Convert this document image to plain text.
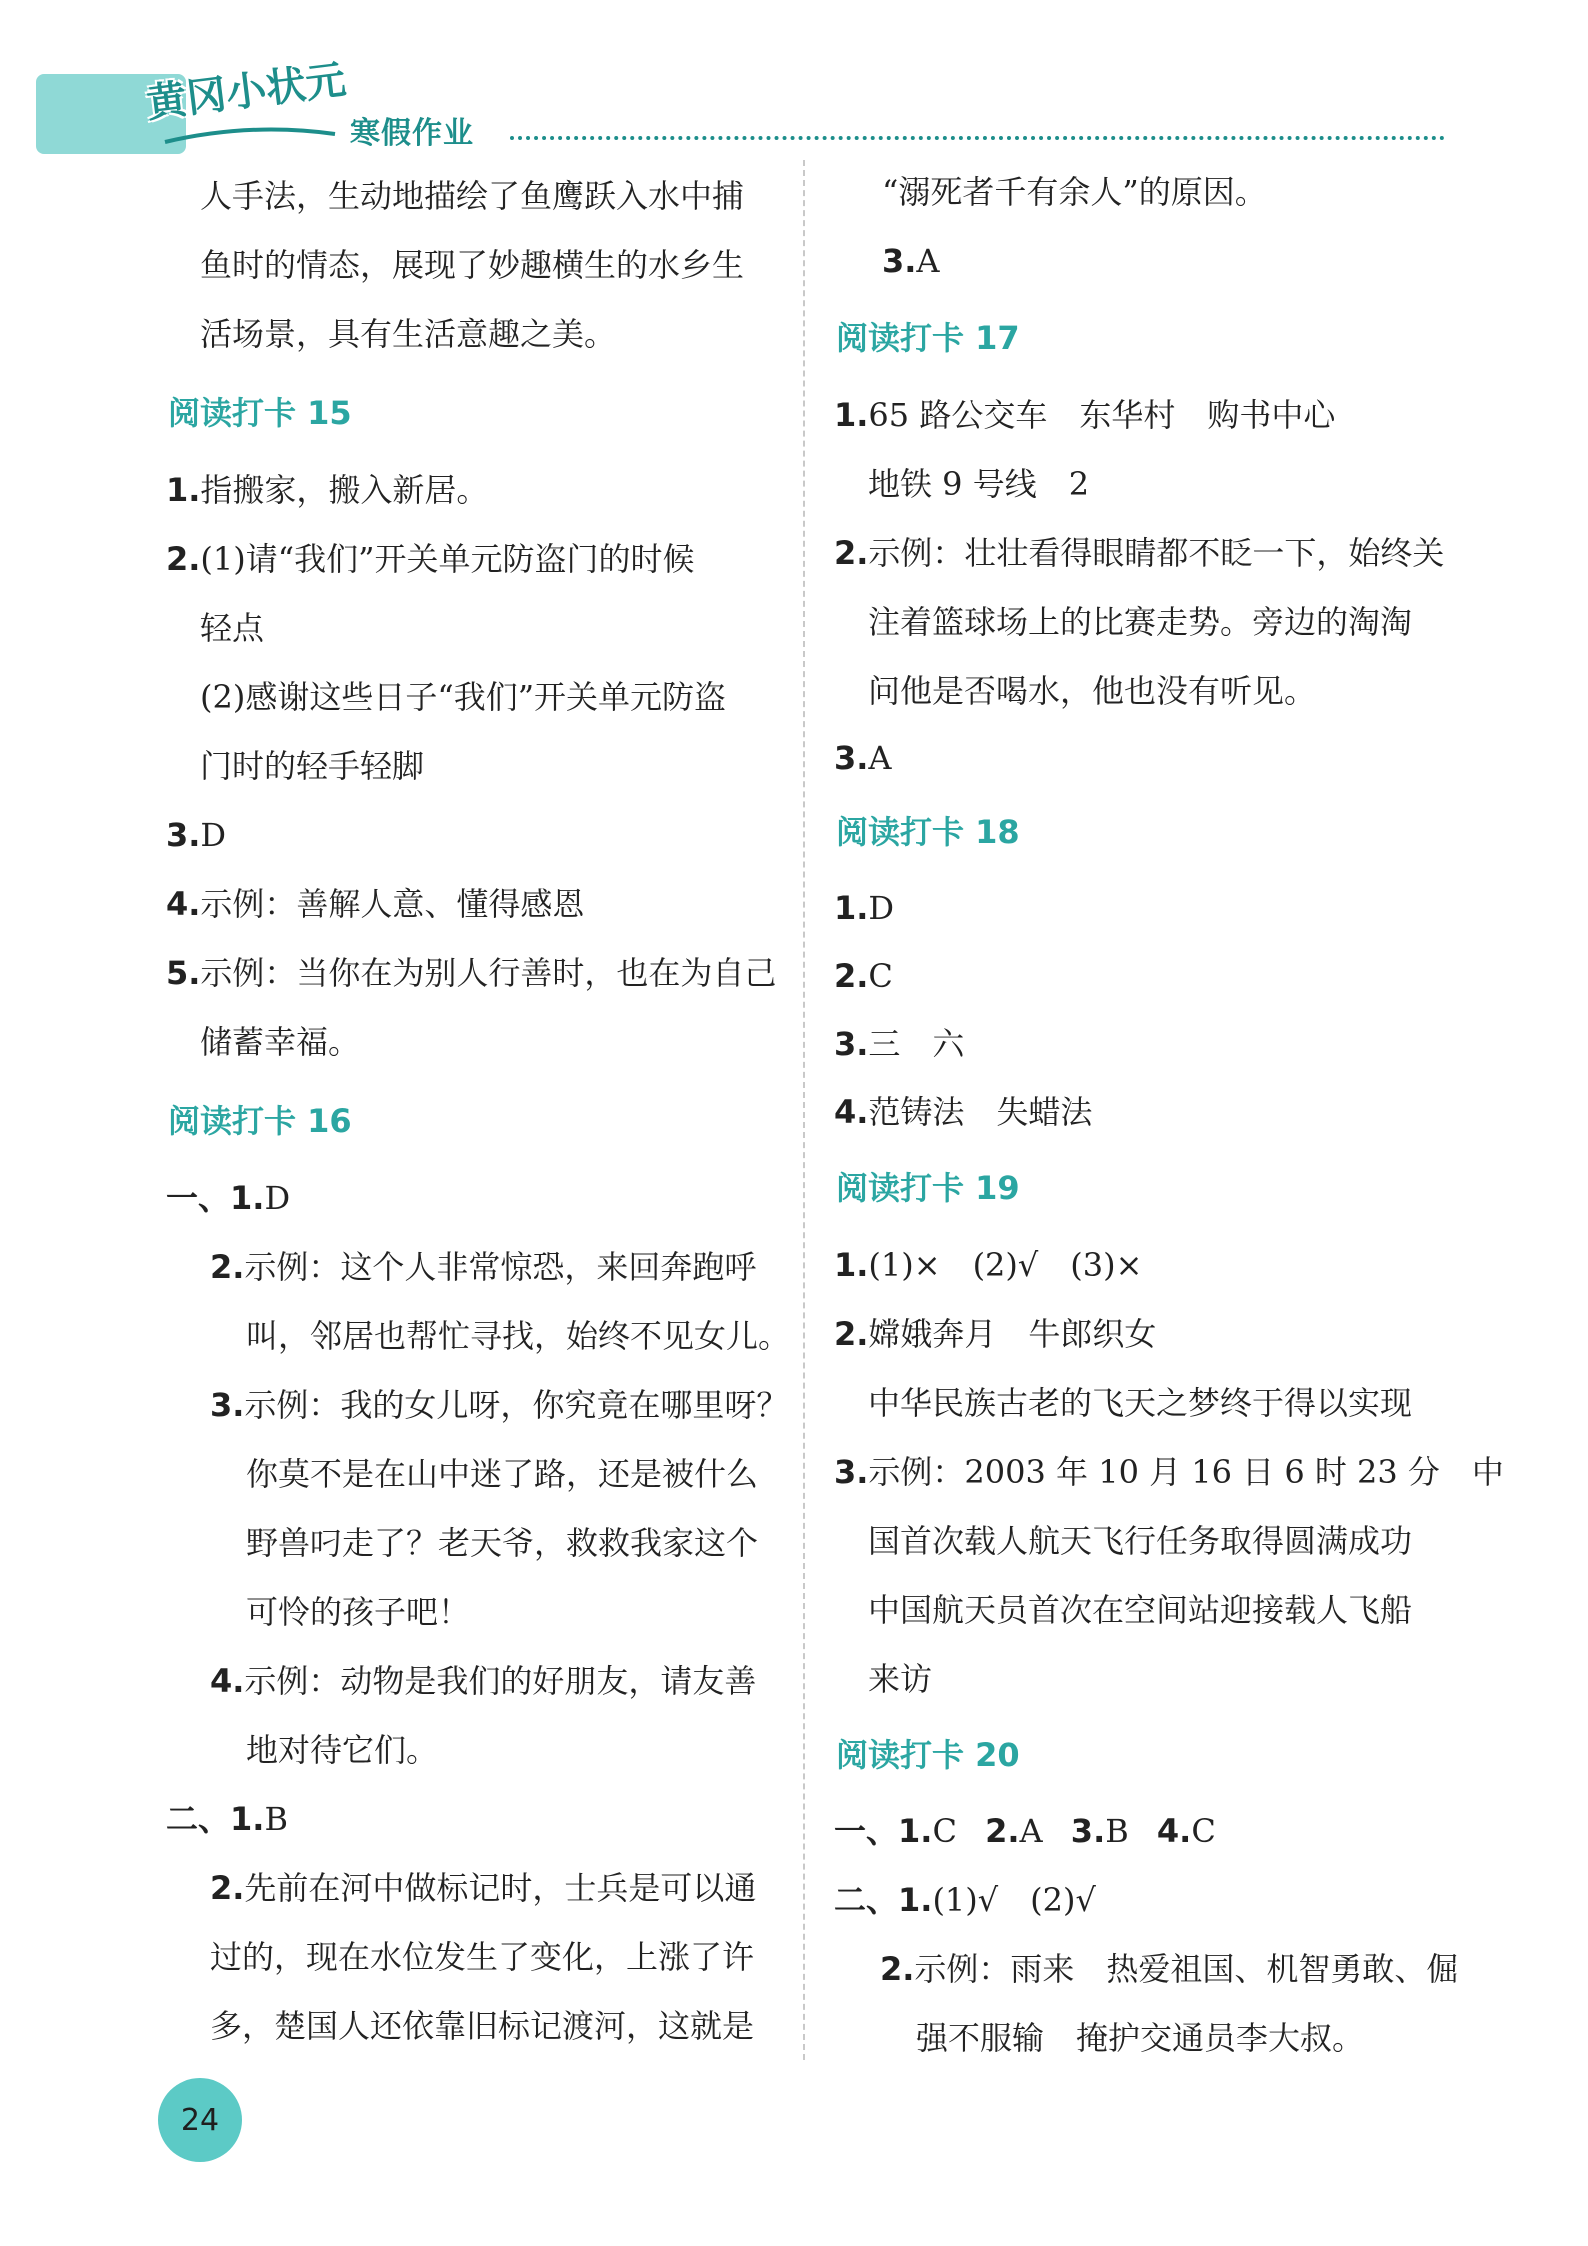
黄冈小状元
寒假作业
人手法，生动地描绘了鱼鹰跃入水中捕
鱼时的情态，展现了妙趣横生的水乡生
活场景，具有生活意趣之美。
阅读打卡 15
1.指搬家，搬入新居。
2.(1)请“我们”开关单元防盗门的时候
轻点
(2)感谢这些日子“我们”开关单元防盗
门时的轻手轻脚
3.D
4.示例：善解人意、懂得感恩
5.示例：当你在为别人行善时，也在为自己
储蓄幸福。
阅读打卡 16
一、1.D
2.示例：这个人非常惊恐，来回奔跑呼
叫，邻居也帮忙寻找，始终不见女儿。
3.示例：我的女儿呀，你究竟在哪里呀？
你莫不是在山中迷了路，还是被什么
野兽叼走了？老天爷，救救我家这个
可怜的孩子吧！
4.示例：动物是我们的好朋友，请友善
地对待它们。
二、1.B
2.先前在河中做标记时，士兵是可以通
过的，现在水位发生了变化，上涨了许
多，楚国人还依靠旧标记渡河，这就是
“溺死者千有余人”的原因。
3.A
阅读打卡 17
1.65 路公交车　东华村　购书中心
地铁 9 号线　2
2.示例：壮壮看得眼睛都不眨一下，始终关
注着篮球场上的比赛走势。旁边的淘淘
问他是否喝水，他也没有听见。
3.A
阅读打卡 18
1.D
2.C
3.三　六
4.范铸法　失蜡法
阅读打卡 19
1.(1)×　(2)√　(3)×
2.嫦娥奔月　牛郎织女
中华民族古老的飞天之梦终于得以实现
3.示例：2003 年 10 月 16 日 6 时 23 分　中
国首次载人航天飞行任务取得圆满成功
中国航天员首次在空间站迎接载人飞船
来访
阅读打卡 20
一、1.C 2.A 3.B 4.C
二、1.(1)√　(2)√
2.示例：雨来　热爱祖国、机智勇敢、倔
强不服输　掩护交通员李大叔。
24
